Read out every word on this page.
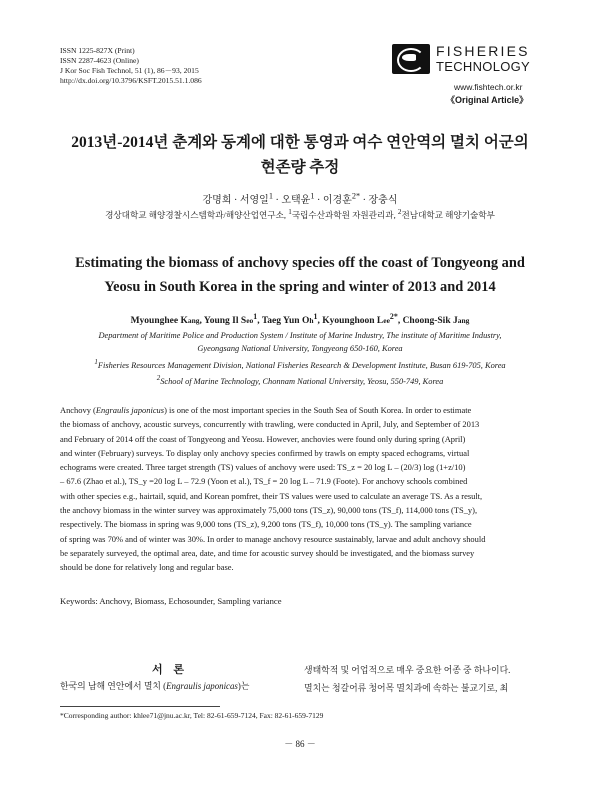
ISSN 1225-827X (Print)
ISSN 2287-4623 (Online)
J Kor Soc Fish Technol, 51 (1), 86－93, 2015
http://dx.doi.org/10.3796/KSFT.2015.51.1.086
FISHERIES
TECHNOLOGY
www.fishtech.or.kr
《Original Article》
2013년-2014년 춘계와 동계에 대한 통영과 여수 연안역의 멸치 어군의
현존량 추정
강명희 · 서영일$^1$ · 오택윤$^1$ · 이경훈$^{2*}$ · 장충식
경상대학교 해양경찰시스템학과/해양산업연구소, $^1$국립수산과학원 자원관리과, $^2$전남대학교 해양기술학부
Estimating the biomass of anchovy species off the coast of Tongyeong and
Yeosu in South Korea in the spring and winter of 2013 and 2014
Myounghee Kang, Young Il Seo$^1$, Taeg Yun Oh$^1$, Kyounghoon Lee$^{2*}$, Choong-Sik Jang
Department of Maritime Police and Production System / Institute of Marine Industry, The institute of Maritime Industry,
Gyeongsang National University, Tongyeong 650-160, Korea
$^1$Fisheries Resources Management Division, National Fisheries Research & Development Institute, Busan 619-705, Korea
$^2$School of Marine Technology, Chonnam National University, Yeosu, 550-749, Korea
Anchovy (Engraulis japonicus) is one of the most important species in the South Sea of South Korea. In order to estimate
the biomass of anchovy, acoustic surveys, concurrently with trawling, were conducted in April, July, and September of 2013
and February of 2014 off the coast of Tongyeong and Yeosu. However, anchovies were found only during spring (April)
and winter (February) surveys. To display only anchovy species confirmed by trawls on empty spaced echograms, virtual
echograms were created. Three target strength (TS) values of anchovy were used: TS_z = 20 log L – (20/3) log (1+z/10)
– 67.6 (Zhao et al.), TS_y =20 log L – 72.9 (Yoon et al.), TS_f = 20 log L – 71.9 (Foote). For anchovy schools combined
with other species e.g., hairtail, squid, and Korean pomfret, their TS values were used to calculate an average TS. As a result,
the anchovy biomass in the winter survey was approximately 75,000 tons (TS_z), 90,000 tons (TS_f), 114,000 tons (TS_y),
respectively. The biomass in spring was 9,000 tons (TS_z), 9,200 tons (TS_f), 10,000 tons (TS_y). The sampling variance
of spring was 70% and of winter was 30%. In order to manage anchovy resource sustainably, larvae and adult anchovy should
be separately surveyed, the optimal area, date, and time for acoustic survey should be investigated, and the biomass survey
should be done for relatively long and regular base.
Keywords: Anchovy, Biomass, Echosounder, Sampling variance
서 론
한국의 남해 연안에서 멸치 (Engraulis japonicas)는
생태학적 및 어업적으로 매우 중요한 어종 중 하나이다.
멸치는 청갈어류 청어목 멸치과에 속하는 불교기로, 최
*Corresponding author: khlee71@jnu.ac.kr, Tel: 82-61-659-7124, Fax: 82-61-659-7129
－ 86 －
